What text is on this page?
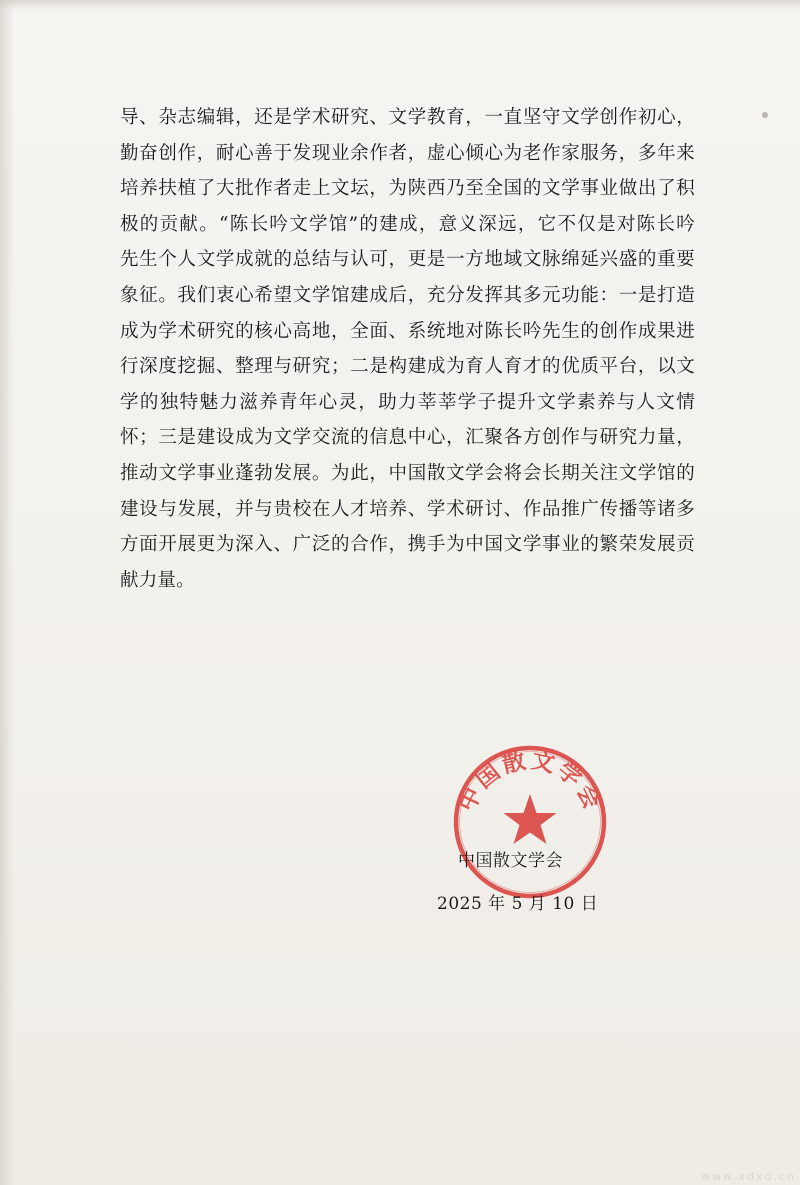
导、杂志编辑，还是学术研究、文学教育，一直坚守文学创作初心，
勤奋创作，耐心善于发现业余作者，虚心倾心为老作家服务，多年来
培养扶植了大批作者走上文坛，为陕西乃至全国的文学事业做出了积
极的贡献。“陈长吟文学馆”的建成，意义深远，它不仅是对陈长吟
先生个人文学成就的总结与认可，更是一方地域文脉绵延兴盛的重要
象征。我们衷心希望文学馆建成后，充分发挥其多元功能：一是打造
成为学术研究的核心高地，全面、系统地对陈长吟先生的创作成果进
行深度挖掘、整理与研究；二是构建成为育人育才的优质平台，以文
学的独特魅力滋养青年心灵，助力莘莘学子提升文学素养与人文情
怀；三是建设成为文学交流的信息中心，汇聚各方创作与研究力量，
推动文学事业蓬勃发展。为此，中国散文学会将会长期关注文学馆的
建设与发展，并与贵校在人才培养、学术研讨、作品推广传播等诸多
方面开展更为深入、广泛的合作，携手为中国文学事业的繁荣发展贡
献力量。
中国散文学会
中国散文学会
2025 年 5 月 10 日
www.xdxd.cn
